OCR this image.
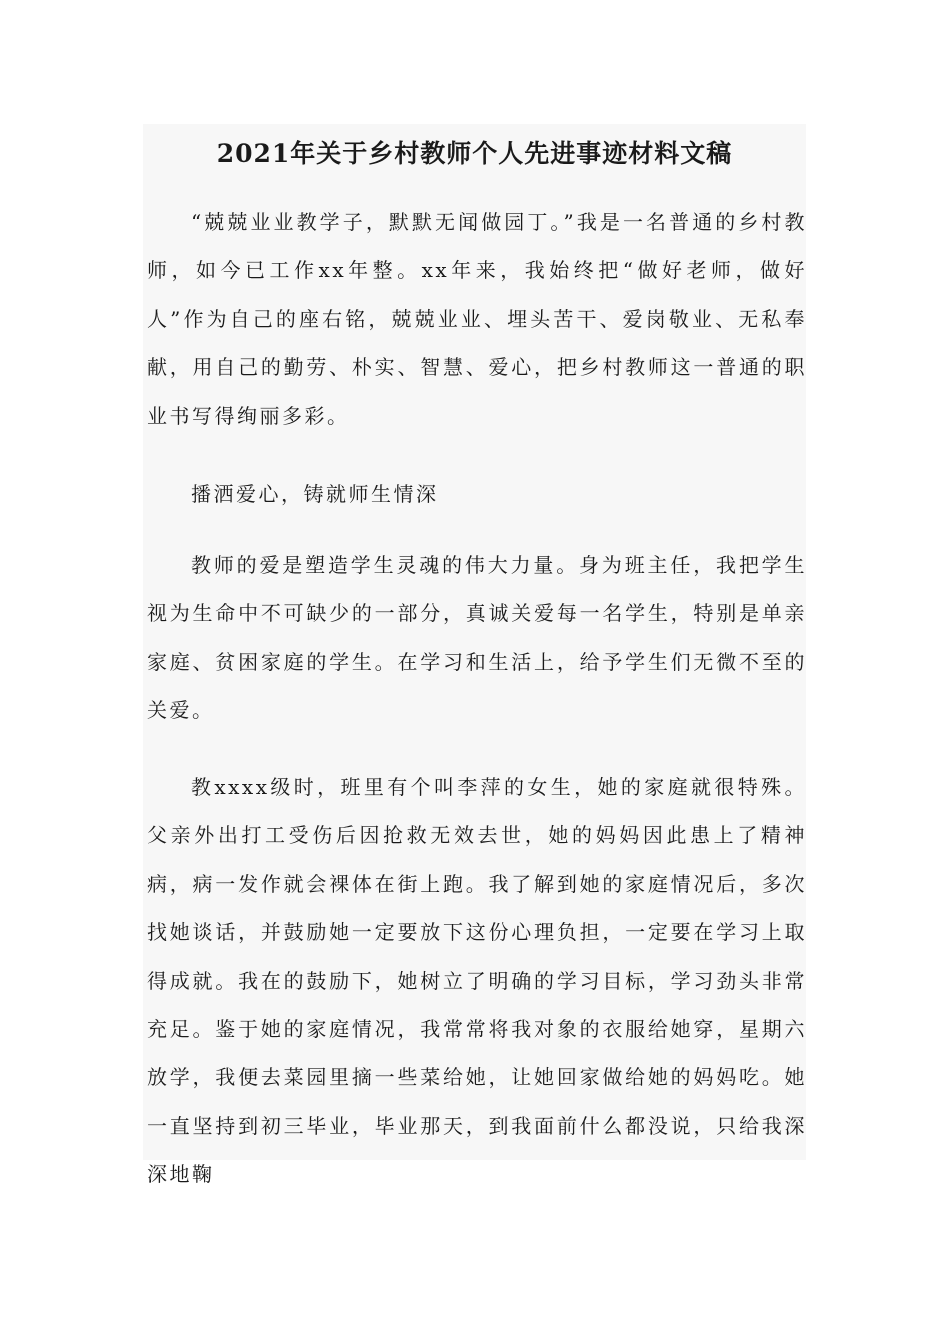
2021年关于乡村教师个人先进事迹材料文稿

“兢兢业业教学子，默默无闻做园丁。”我是一名普通的乡村教师，如今已工作xx年整。xx年来，我始终把“做好老师，做好人”作为自己的座右铭，兢兢业业、埋头苦干、爱岗敬业、无私奉献，用自己的勤劳、朴实、智慧、爱心，把乡村教师这一普通的职业书写得绚丽多彩。

播洒爱心，铸就师生情深

教师的爱是塑造学生灵魂的伟大力量。身为班主任，我把学生视为生命中不可缺少的一部分，真诚关爱每一名学生，特别是单亲家庭、贫困家庭的学生。在学习和生活上，给予学生们无微不至的关爱。

教xxxx级时，班里有个叫李萍的女生，她的家庭就很特殊。父亲外出打工受伤后因抢救无效去世，她的妈妈因此患上了精神病，病一发作就会裸体在街上跑。我了解到她的家庭情况后，多次找她谈话，并鼓励她一定要放下这份心理负担，一定要在学习上取得成就。我在的鼓励下，她树立了明确的学习目标，学习劲头非常充足。鉴于她的家庭情况，我常常将我对象的衣服给她穿，星期六放学，我便去菜园里摘一些菜给她，让她回家做给她的妈妈吃。她一直坚持到初三毕业，毕业那天，到我面前什么都没说，只给我深深地鞠
